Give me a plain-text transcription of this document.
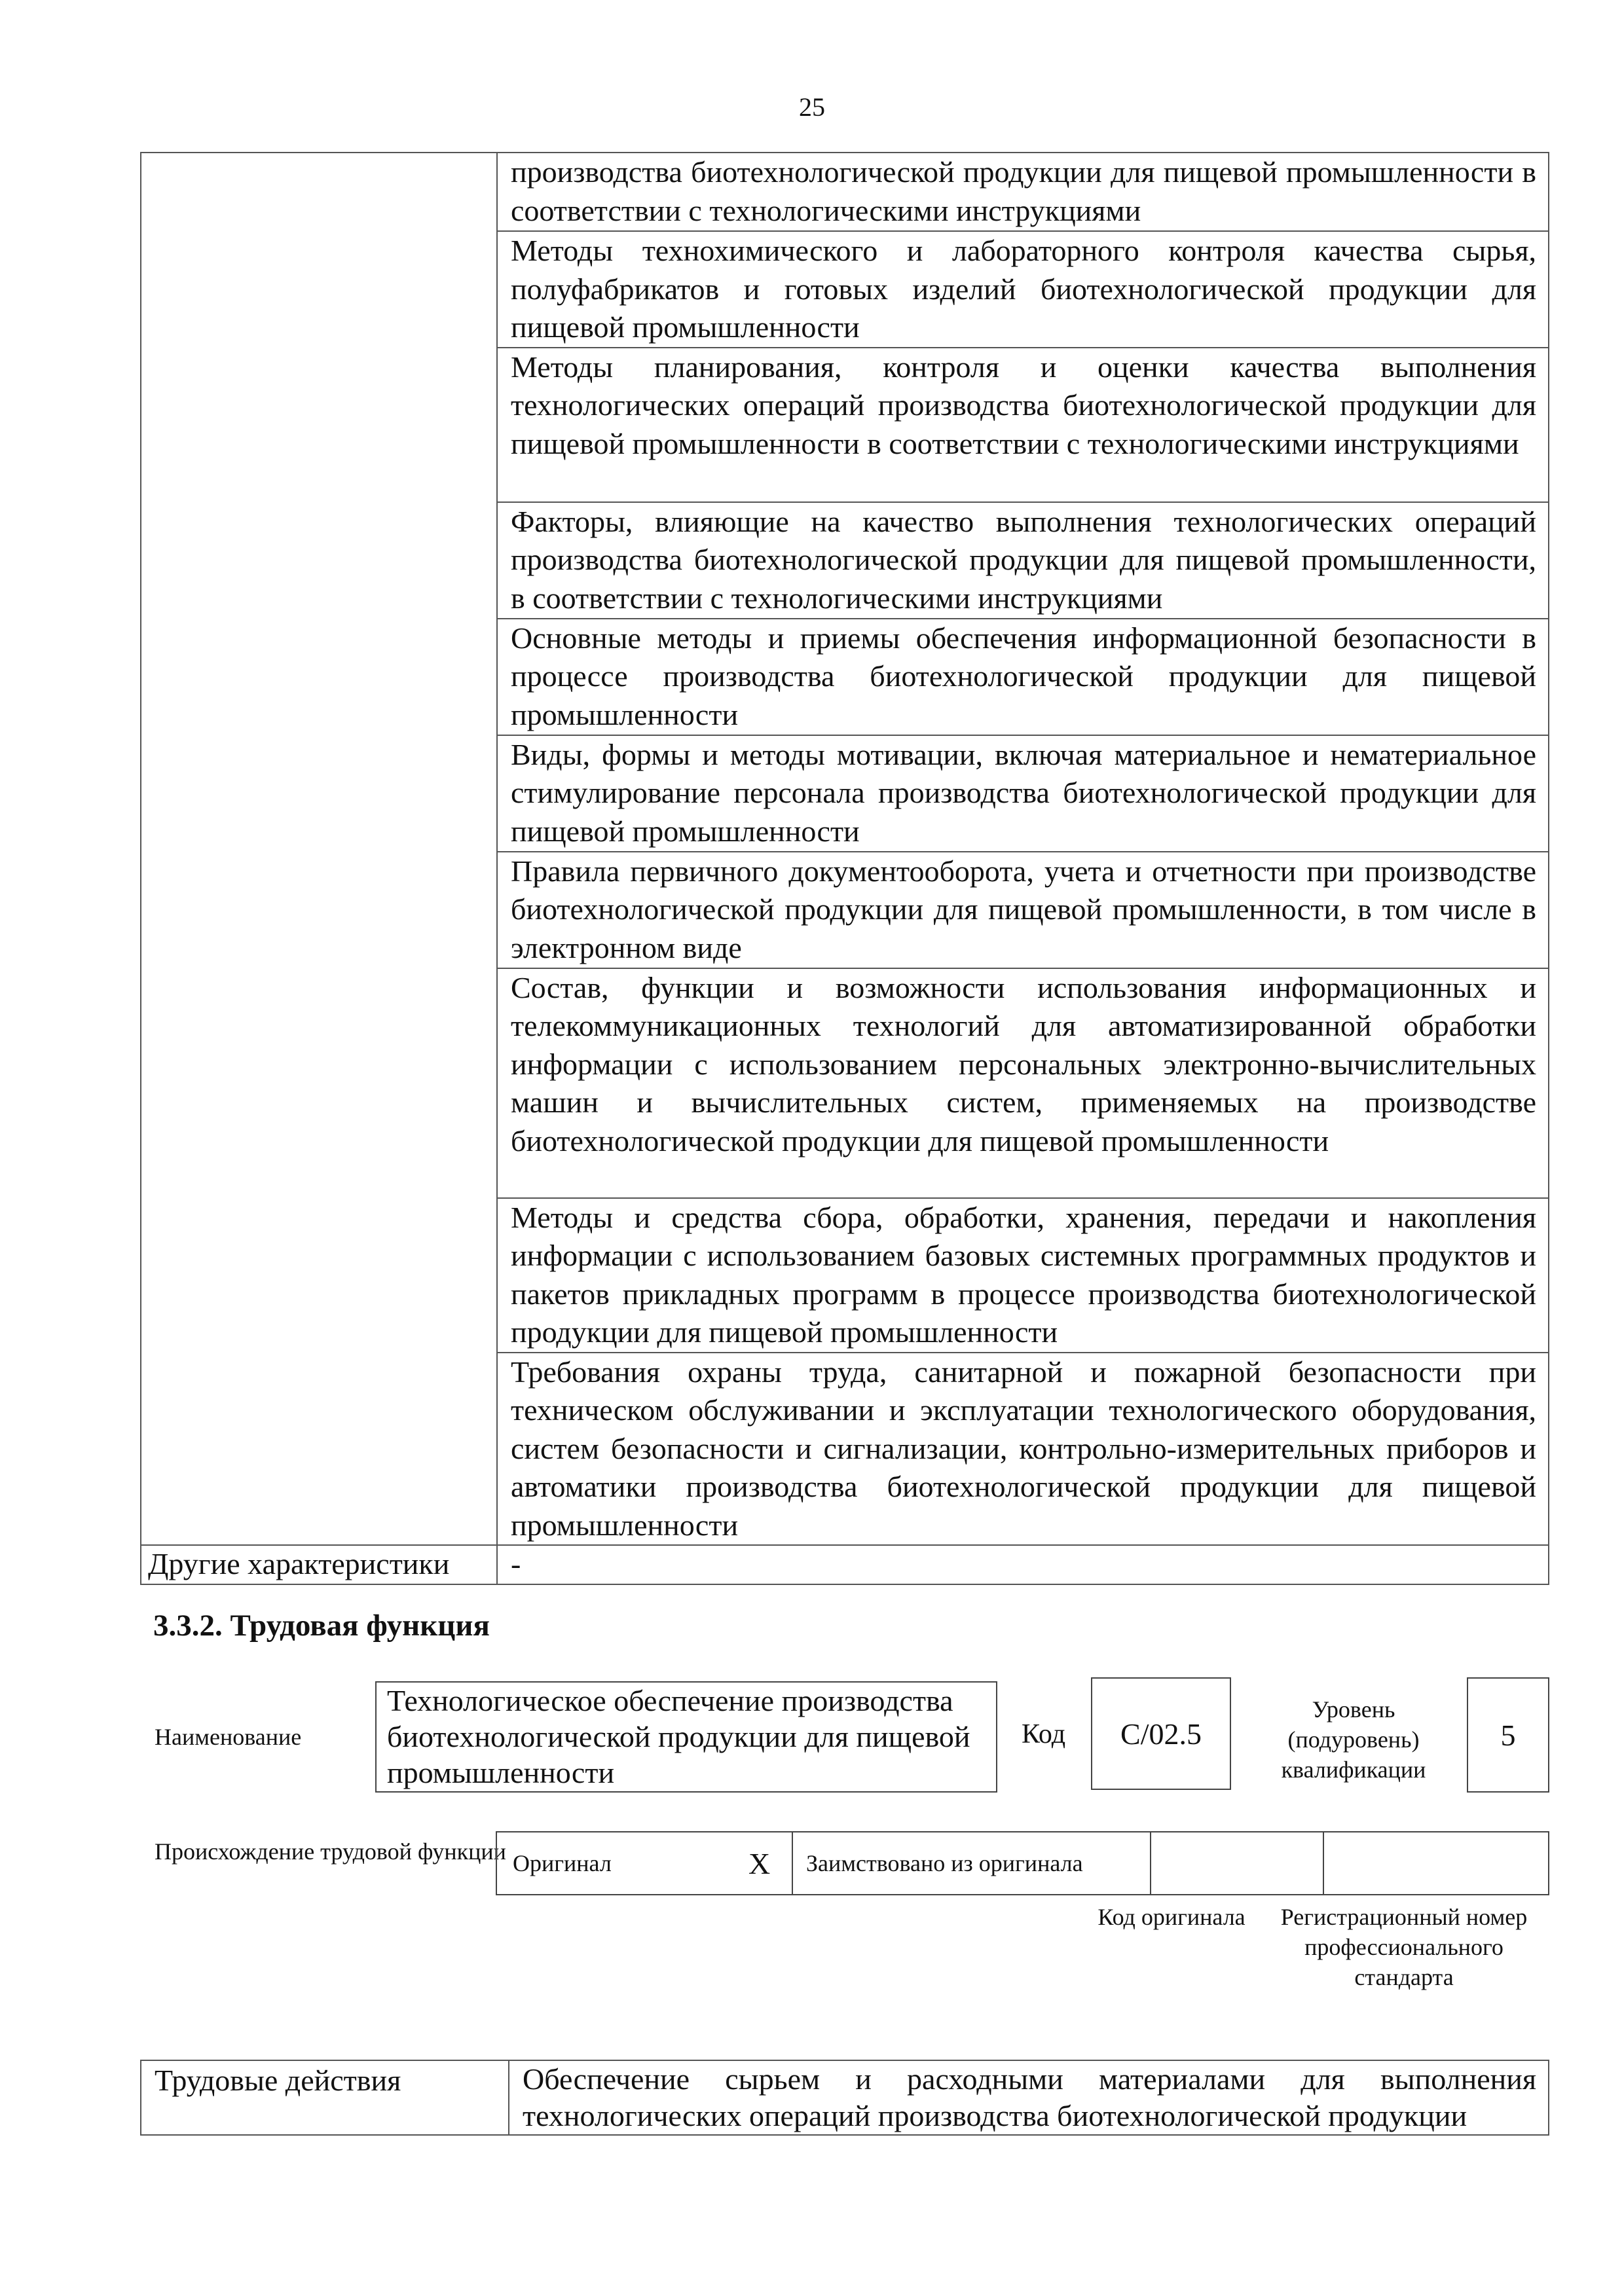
25
	производства биотехнологической продукции для пищевой промышленности в соответствии с технологическими инструкциями
	Методы технохимического и лабораторного контроля качества сырья, полуфабрикатов и готовых изделий биотехнологической продукции для пищевой промышленности
	Методы планирования, контроля и оценки качества выполнения технологических операций производства биотехнологической продукции для пищевой промышленности в соответствии с технологическими инструкциями
	Факторы, влияющие на качество выполнения технологических операций производства биотехнологической продукции для пищевой промышленности, в соответствии с технологическими инструкциями
	Основные методы и приемы обеспечения информационной безопасности в процессе производства биотехнологической продукции для пищевой промышленности
	Виды, формы и методы мотивации, включая материальное и нематериальное стимулирование персонала производства биотехнологической продукции для пищевой промышленности
	Правила первичного документооборота, учета и отчетности при производстве биотехнологической продукции для пищевой промышленности, в том числе в электронном виде
	Состав, функции и возможности использования информационных и телекоммуникационных технологий для автоматизированной обработки информации с использованием персональных электронно-вычислительных машин и вычислительных систем, применяемых на производстве биотехнологической продукции для пищевой промышленности
	Методы и средства сбора, обработки, хранения, передачи и накопления информации с использованием базовых системных программных продуктов и пакетов прикладных программ в процессе производства биотехнологической продукции для пищевой промышленности
	Требования охраны труда, санитарной и пожарной безопасности при техническом обслуживании и эксплуатации технологического оборудования, систем безопасности и сигнализации, контрольно-измерительных приборов и автоматики производства биотехнологической продукции для пищевой промышленности
Другие характеристики	-
3.3.2. Трудовая функция
Наименование
Технологическое обеспечение производства биотехнологической продукции для пищевой промышленности
Код	C/02.5
Уровень (подуровень) квалификации
5
Происхождение трудовой функции Оригинал	X	Заимствовано из оригинала		
Код оригинала	Регистрационный номер профессионального стандарта
Трудовые действия	Обеспечение сырьем и расходными материалами для выполнения технологических операций производства биотехнологической продукции
